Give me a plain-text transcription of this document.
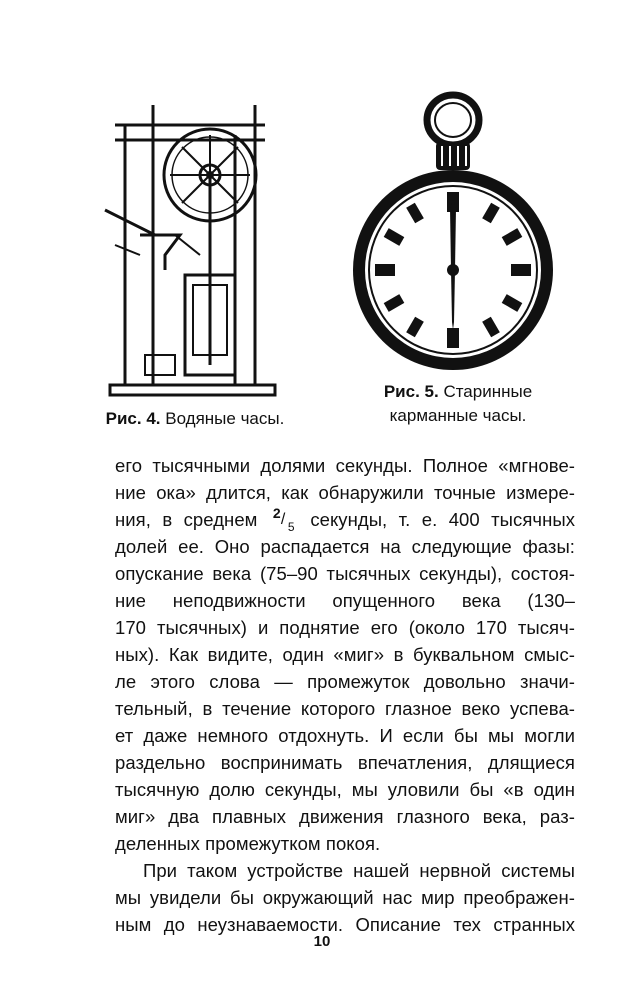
Рис. 4. Водяные часы.
Рис. 5. Старинные
карманные часы.
его тысячными долями секунды. Полное «мгнове-
ние ока» длится, как обнаружили точные измере-
ния, в среднем 2 / 5 секунды, т. е. 400 тысячных
долей ее. Оно распадается на следующие фазы:
опускание века (75–90 тысячных секунды), состоя-
ние неподвижности опущенного века (130–
170 тысячных) и поднятие его (около 170 тысяч-
ных). Как видите, один «миг» в буквальном смыс-
ле этого слова — промежуток довольно значи-
тельный, в течение которого глазное веко успева-
ет даже немного отдохнуть. И если бы мы могли
раздельно воспринимать впечатления, длящиеся
тысячную долю секунды, мы уловили бы «в один
миг» два плавных движения глазного века, раз-
деленных промежутком покоя.
При таком устройстве нашей нервной системы
мы увидели бы окружающий нас мир преображен-
ным до неузнаваемости. Описание тех странных
10
